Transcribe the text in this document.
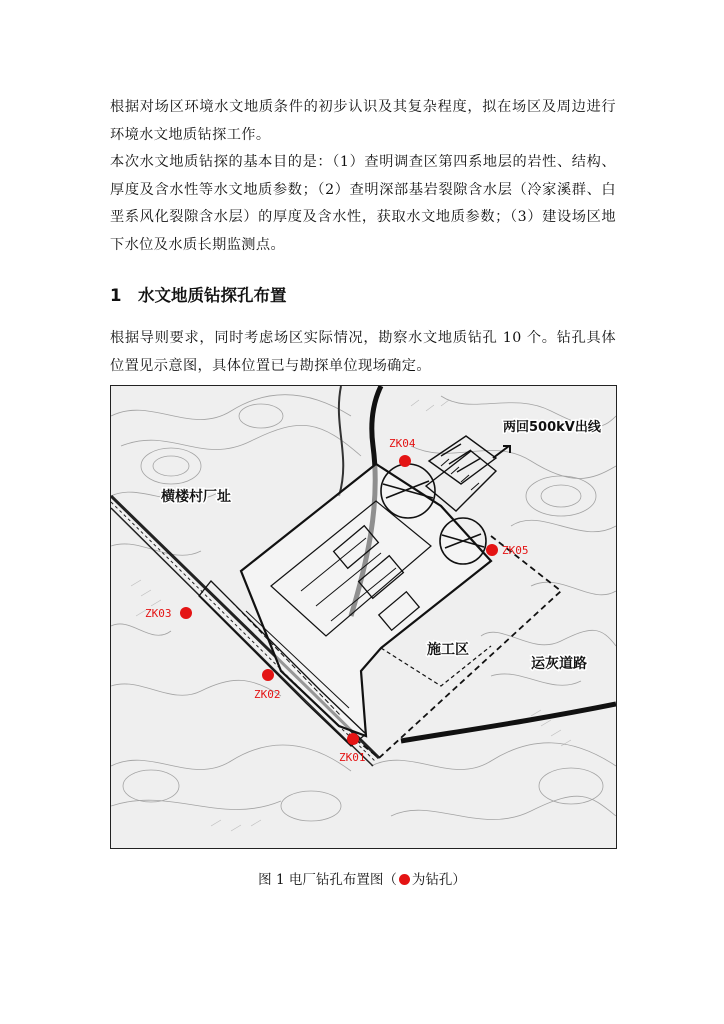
根据对场区环境水文地质条件的初步认识及其复杂程度，拟在场区及周边进行环境水文地质钻探工作。

本次水文地质钻探的基本目的是：（1）查明调查区第四系地层的岩性、结构、厚度及含水性等水文地质参数；（2）查明深部基岩裂隙含水层（冷家溪群、白垩系风化裂隙含水层）的厚度及含水性，获取水文地质参数；（3）建设场区地下水位及水质长期监测点。

1 水文地质钻探孔布置

根据导则要求，同时考虑场区实际情况，勘察水文地质钻孔 10 个。钻孔具体位置见示意图，具体位置已与勘探单位现场确定。

横楼村厂址
两回500kV出线
施工区
运灰道路
ZK04
ZK05
ZK03
ZK02
ZK01
图 1 电厂钻孔布置图（ 为钻孔）
